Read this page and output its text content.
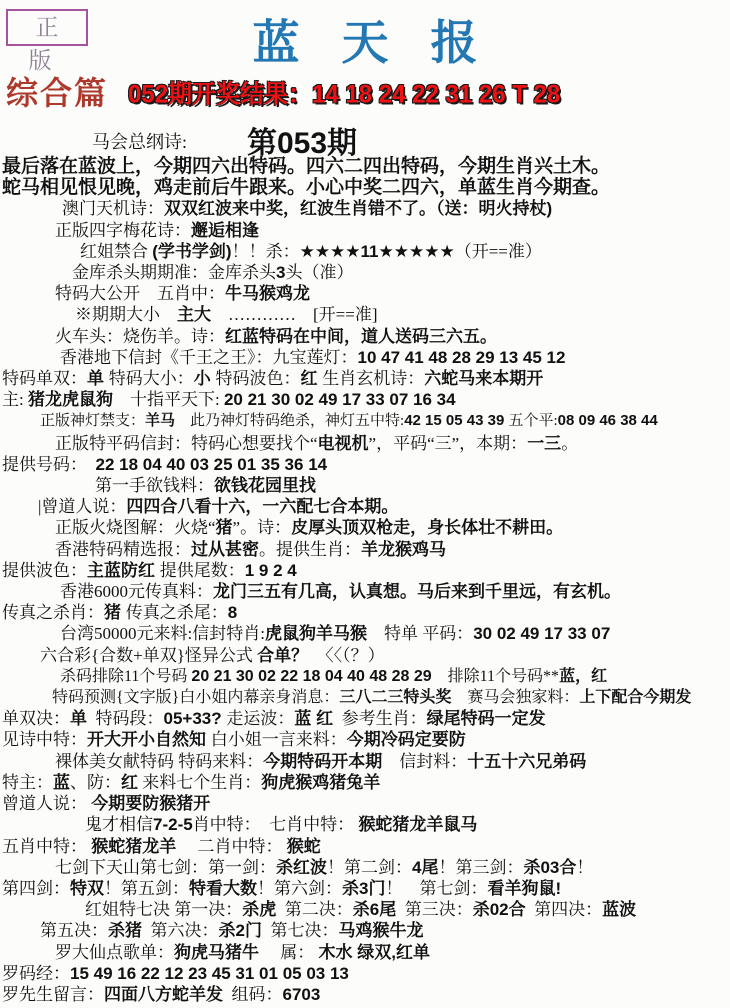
正　版	蓝天报
综合篇 052期开奖结果：14 18 24 22 31 26 T 28
马会总纲诗: 第053期
最后落在蓝波上，今期四六出特码。四六二四出特码，今期生肖兴土木。
蛇马相见恨见晚，鸡走前后牛跟来。小心中奖二四六，单蓝生肖今期查。
澳门天机诗：双双红波来中奖，红波生肖错不了。（送：明火持杖)
正版四字梅花诗：邂逅相逢
红姐禁合 (学书学剑)！！杀：★★★★11★★★★★（开==准）
金库杀头期期准：金库杀头3头（准）
特码大公开　五肖中：牛马猴鸡龙
※期期大小　主大　…………　[开==准]
火车头：烧伤羊。诗：红蓝特码在中间，道人送码三六五。
香港地下信封《千王之王》：九宝莲灯：10 47 41 48 28 29 13 45 12
特码单双：单 特码大小：小 特码波色：红 生肖玄机诗：六蛇马来本期开
主: 猪龙虎鼠狗　十指平天下: 20 21 30 02 49 17 33 07 16 34
正版神灯禁支：羊马　此乃神灯特码绝杀，神灯五中特:42 15 05 43 39 五个平:08 09 46 38 44
正版特平码信封：特码心想要找个“电视机”，平码“三”，本期：一三。
提供号码：　22 18 04 40 03 25 01 35 36 14
第一手欲钱料：欲钱花园里找
|曾道人说：四四合八看十六，一六配七合本期。
正版火烧图解：火烧“猪”。诗：皮厚头顶双枪走，身长体壮不耕田。
香港特码精选报：过从甚密。提供生肖：羊龙猴鸡马
提供波色：主蓝防红 提供尾数：1 9 2 4
香港6000元传真料：龙门三五有几高，认真想。马后来到千里远，有玄机。
传真之杀肖：猪 传真之杀尾：8
台湾50000元来料:信封特肖:虎鼠狗羊马猴　特单 平码：30 02 49 17 33 07
六合彩{合数+单双}怪异公式 合单？　〈〈（？）
杀码排除11个号码 20 21 30 02 22 18 04 40 48 28 29　排除11个号码**蓝，红
特码预测{文字版}白小姐内幕亲身消息：三八二三特头奖　赛马会独家料：上下配合今期发
单双决：单  特码段：05+33? 走运波：蓝 红  参考生肖：绿尾特码一定发
见诗中特：开大开小自然知 白小姐一言来料：今期冷码定要防
裸体美女献特码 特码来料：今期特码开本期　信封料：十五十六兄弟码
特主：蓝、防：红 来料七个生肖：狗虎猴鸡猪兔羊
曾道人说： 今期要防猴猪开
鬼才相信7-2-5肖中特：　七肖中特： 猴蛇猪龙羊鼠马
五肖中特： 猴蛇猪龙羊　 二肖中特： 猴蛇
七剑下天山第七剑：第一剑：杀红波！第二剑：4尾！第三剑：杀03合！
第四剑：特双！第五剑：特看大数！第六剑：杀3门！　第七剑：看羊狗鼠!
红姐特七决 第一决：杀虎  第二决：杀6尾  第三决：杀02合  第四决：蓝波
第五决：杀猪  第六决：杀2门  第七决：马鸡猴牛龙
罗大仙点歌单：狗虎马猪牛　 属： 木水 绿双,红单
罗码经：15 49 16 22 12 23 45 31 01 05 03 13
罗先生留言：四面八方蛇羊发  组码：6703
